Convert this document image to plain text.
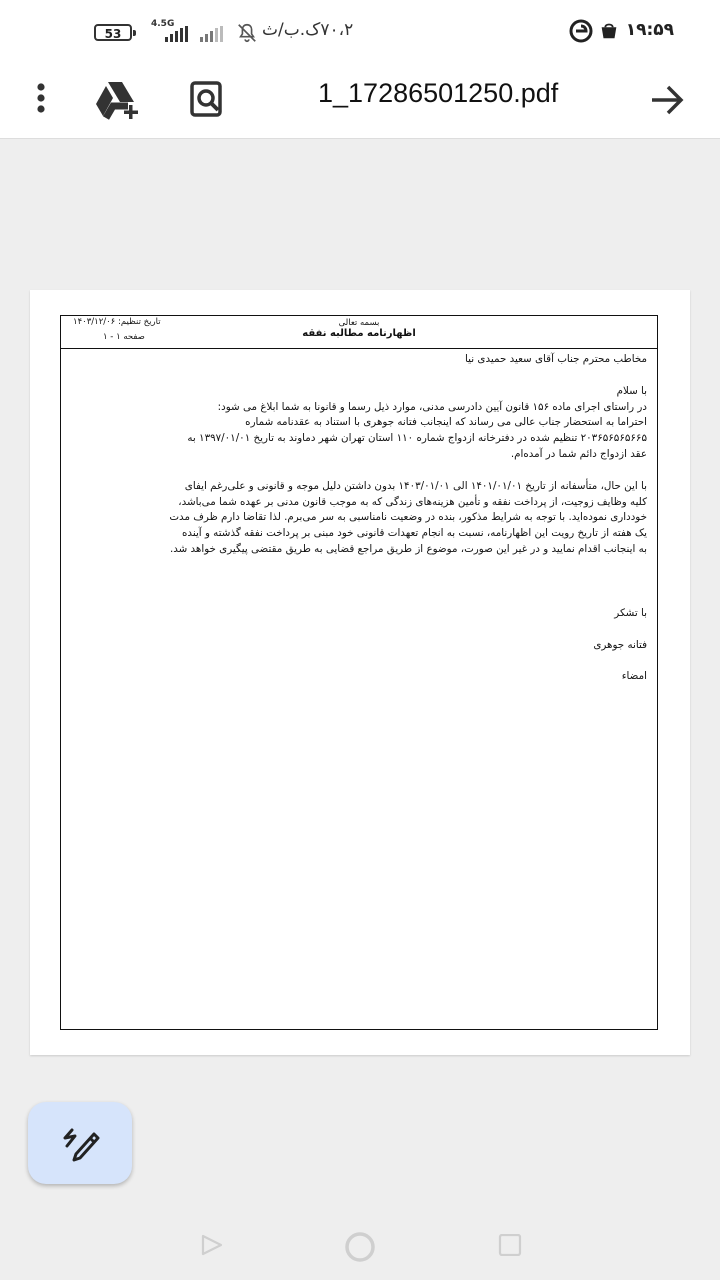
53
4.5G	۷۰،۲ک.ب/ث	۱۹:۵۹
1_17286501250.pdf
بسمه تعالی
اظهارنامه مطالبه نفقه
تاریخ تنظیم: ۱۴۰۳/۱۲/۰۶
صفحه ۱ - ۱

مخاطب محترم جناب آقای سعید حمیدی نیا

با سلام

در راستای اجرای ماده ۱۵۶ قانون آیین دادرسی مدنی، موارد ذیل رسما و قانونا به شما ابلاغ می شود:

احتراما به استحضار جناب عالی می رساند که اینجانب فتانه جوهری با استناد به عقدنامه شماره

۲۰۳۶۵۶۵۶۵۶۶۵ تنظیم شده در دفترخانه ازدواج شماره ۱۱۰ استان تهران شهر دماوند به تاریخ ۱۳۹۷/۰۱/۰۱ به

عقد ازدواج دائم شما در آمده‌ام.

با این حال، متأسفانه از تاریخ ۱۴۰۱/۰۱/۰۱ الی ۱۴۰۳/۰۱/۰۱ بدون داشتن دلیل موجه و قانونی و علی‌رغم ایفای

کلیه وظایف زوجیت، از پرداخت نفقه و تأمین هزینه‌های زندگی که به موجب قانون مدنی بر عهده شما می‌باشد،

خودداری نموده‌اید. با توجه به شرایط مذکور، بنده در وضعیت نامناسبی به سر می‌برم. لذا تقاضا دارم ظرف مدت

یک هفته از تاریخ رویت این اظهارنامه، نسبت به انجام تعهدات قانونی خود مبنی بر پرداخت نفقه گذشته و آینده

به اینجانب اقدام نمایید و در غیر این صورت، موضوع از طریق مراجع قضایی به طریق مقتضی پیگیری خواهد شد.

با تشکر

فتانه جوهری

امضاء
